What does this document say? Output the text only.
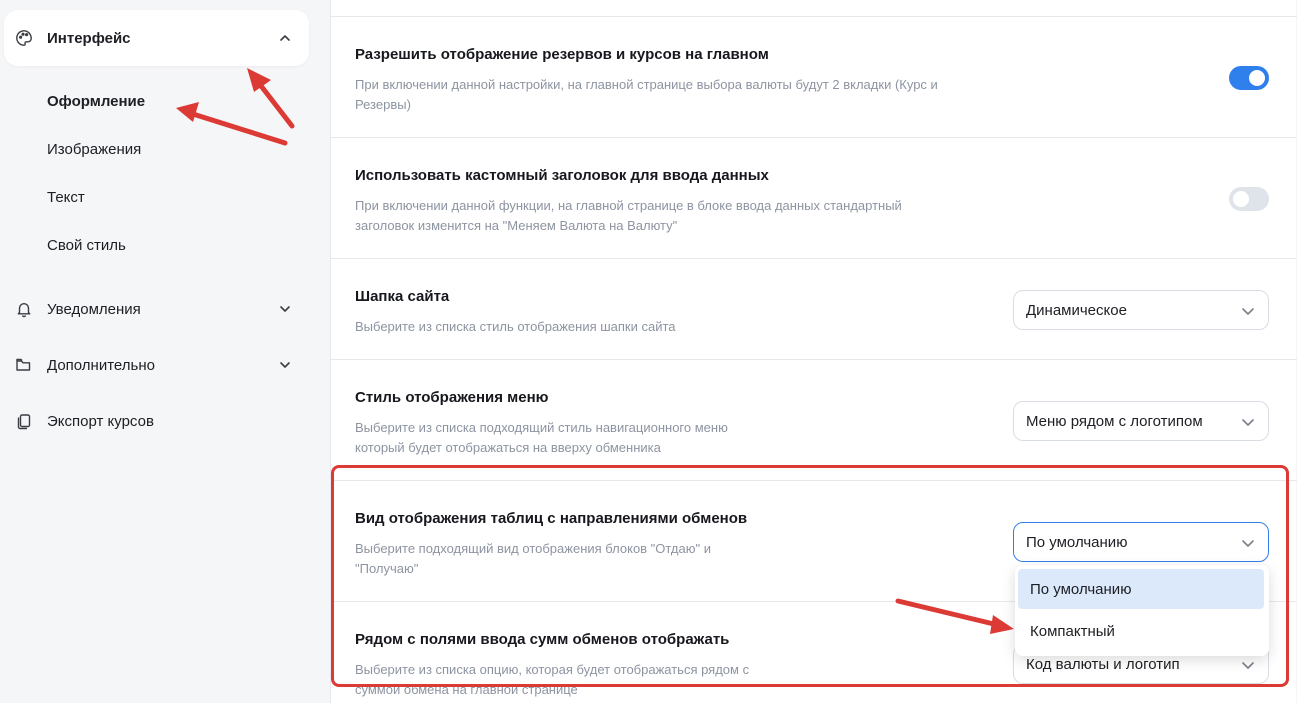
Интерфейс
Оформление
Изображения
Текст
Свой стиль
Уведомления
Дополнительно
Экспорт курсов
Разрешить отображение резервов и курсов на главном
При включении данной настройки, на главной странице выбора валюты будут 2 вкладки (Курс и
Резервы)
Использовать кастомный заголовок для ввода данных
При включении данной функции, на главной странице в блоке ввода данных стандартный
заголовок изменится на "Меняем Валюта на Валюту"
Шапка сайта
Выберите из списка стиль отображения шапки сайта
Динамическое
Стиль отображения меню
Выберите из списка подходящий стиль навигационного меню
который будет отображаться на вверху обменника
Меню рядом с логотипом
Вид отображения таблиц с направлениями обменов
Выберите подходящий вид отображения блоков "Отдаю" и
"Получаю"
По умолчанию
Рядом с полями ввода сумм обменов отображать
Выберите из списка опцию, которая будет отображаться рядом с
суммой обмена на главной странице
Код валюты и логотип
По умолчанию
Компактный
